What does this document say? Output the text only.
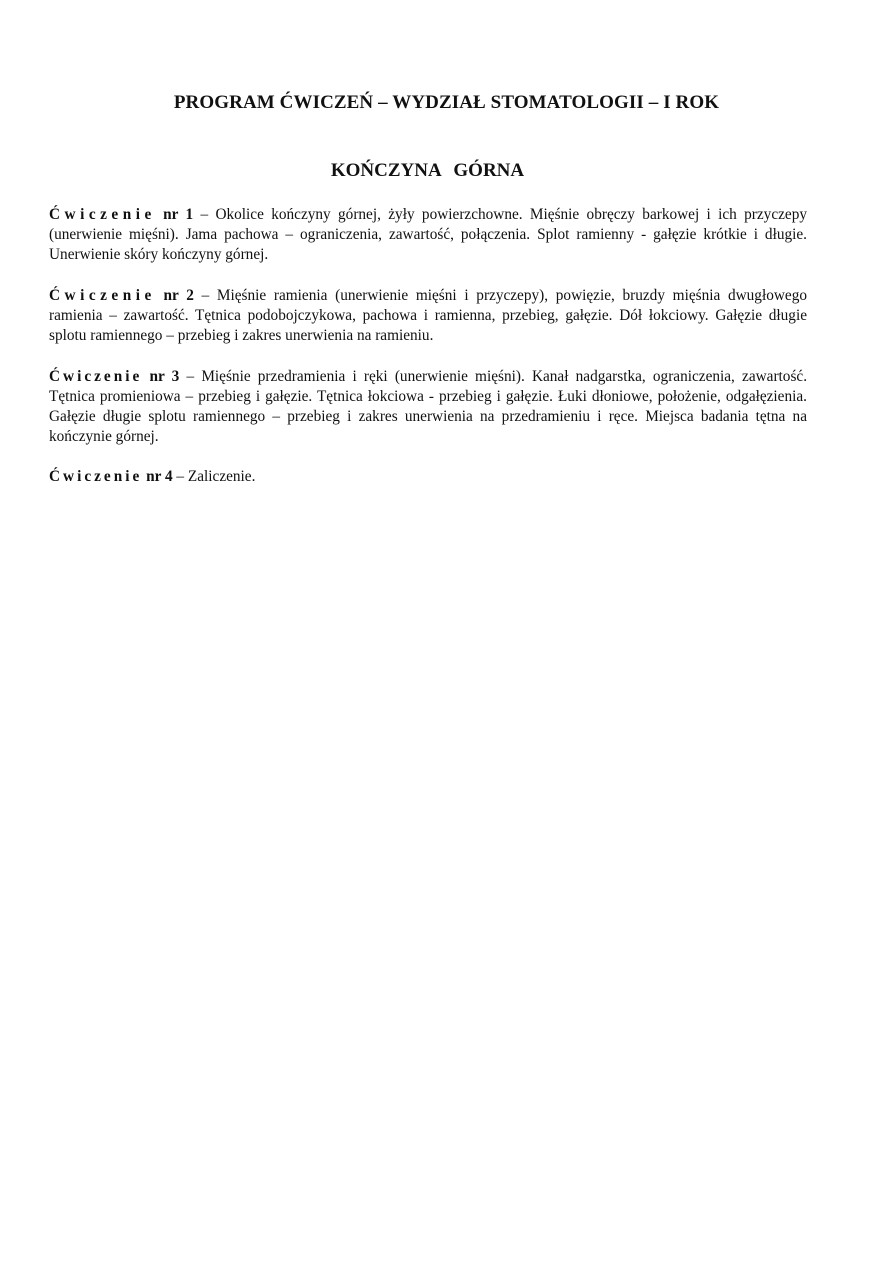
PROGRAM ĆWICZEŃ – WYDZIAŁ STOMATOLOGII – I ROK
KOŃCZYNA GÓRNA

Ćwiczenie nr 1 – Okolice kończyny górnej, żyły powierzchowne. Mięśnie obręczy barkowej i ich przyczepy (unerwienie mięśni). Jama pachowa – ograniczenia, zawartość, połączenia. Splot ramienny - gałęzie krótkie i długie. Unerwienie skóry kończyny górnej.

Ćwiczenie nr 2 – Mięśnie ramienia (unerwienie mięśni i przyczepy), powięzie, bruzdy mięśnia dwugłowego ramienia – zawartość. Tętnica podobojczykowa, pachowa i ramienna, przebieg, gałęzie. Dół łokciowy. Gałęzie długie splotu ramiennego – przebieg i zakres unerwienia na ramieniu.

Ćwiczenie nr 3 – Mięśnie przedramienia i ręki (unerwienie mięśni). Kanał nadgarstka, ograniczenia, zawartość. Tętnica promieniowa – przebieg i gałęzie. Tętnica łokciowa - przebieg i gałęzie. Łuki dłoniowe, położenie, odgałęzienia. Gałęzie długie splotu ramiennego – przebieg i zakres unerwienia na przedramieniu i ręce. Miejsca badania tętna na kończynie górnej.

Ćwiczenie nr 4 – Zaliczenie.
